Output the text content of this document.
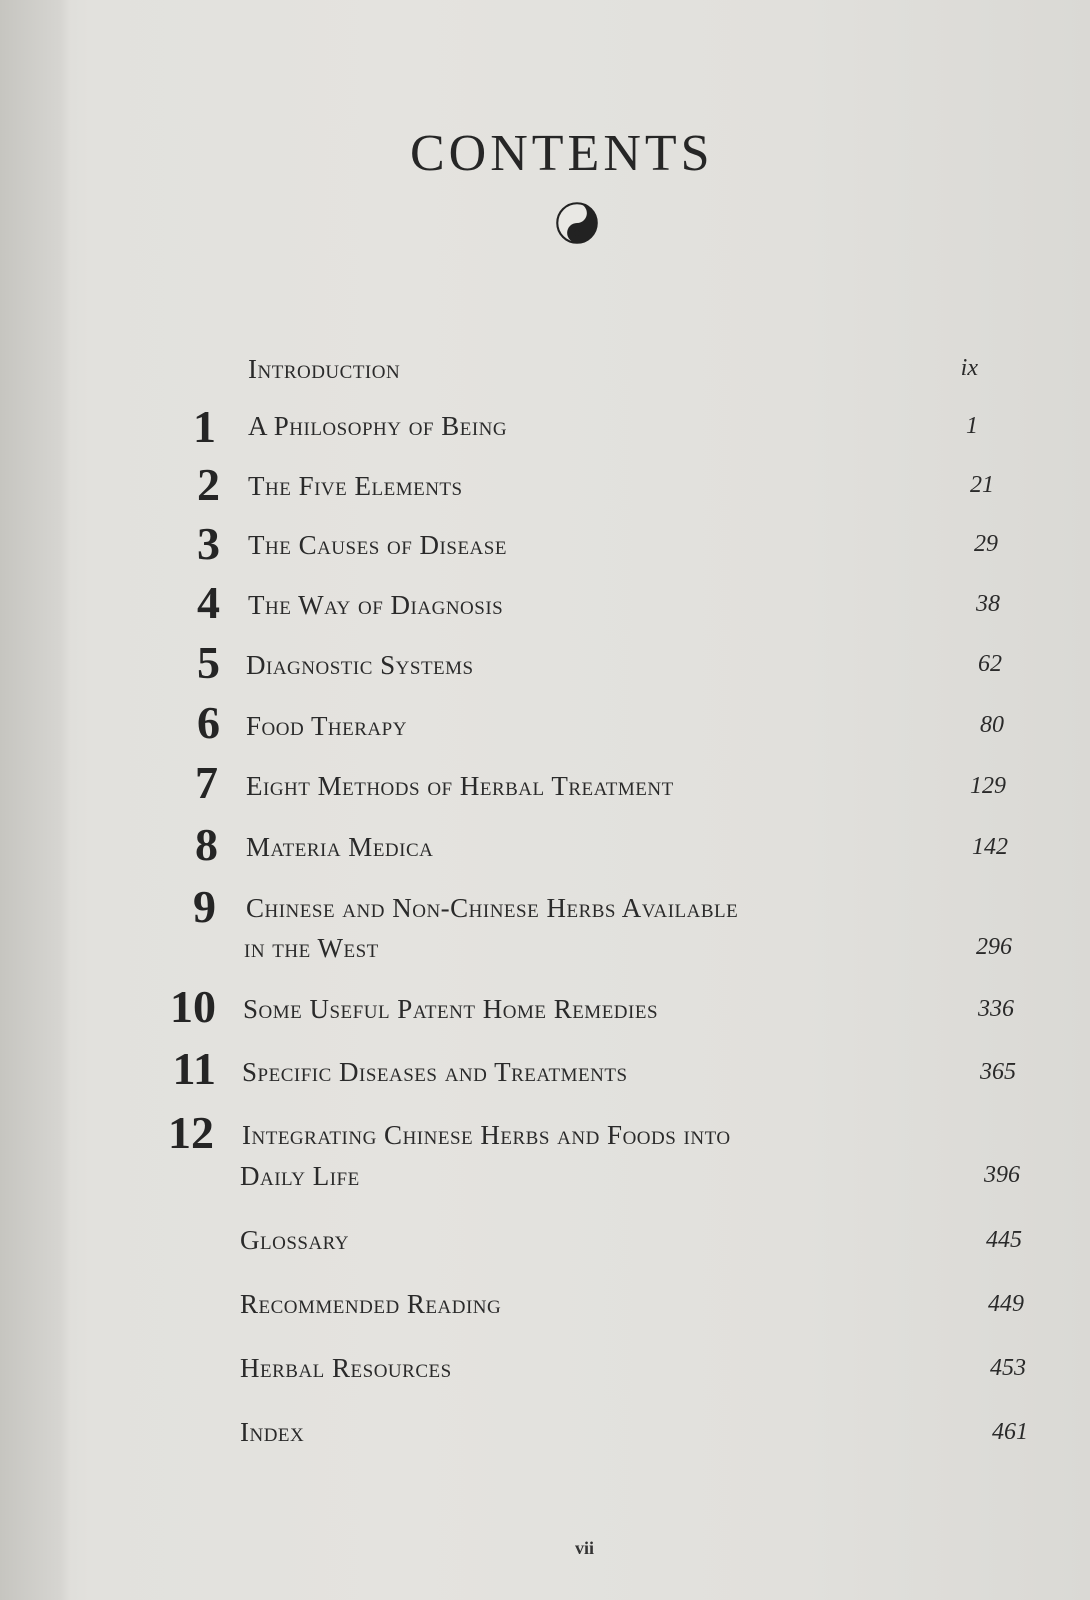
CONTENTS
Introduction	ix
1 A Philosophy of Being	1
2 The Five Elements	21
3 The Causes of Disease	29
4 The Way of Diagnosis	38
5 Diagnostic Systems	62
6 Food Therapy	80
7 Eight Methods of Herbal Treatment	129
8 Materia Medica	142
9 Chinese and Non-Chinese Herbs Available
in the West	296
10 Some Useful Patent Home Remedies	336
11 Specific Diseases and Treatments	365
12 Integrating Chinese Herbs and Foods into
Daily Life	396
Glossary	445
Recommended Reading	449
Herbal Resources	453
Index	461
vii
